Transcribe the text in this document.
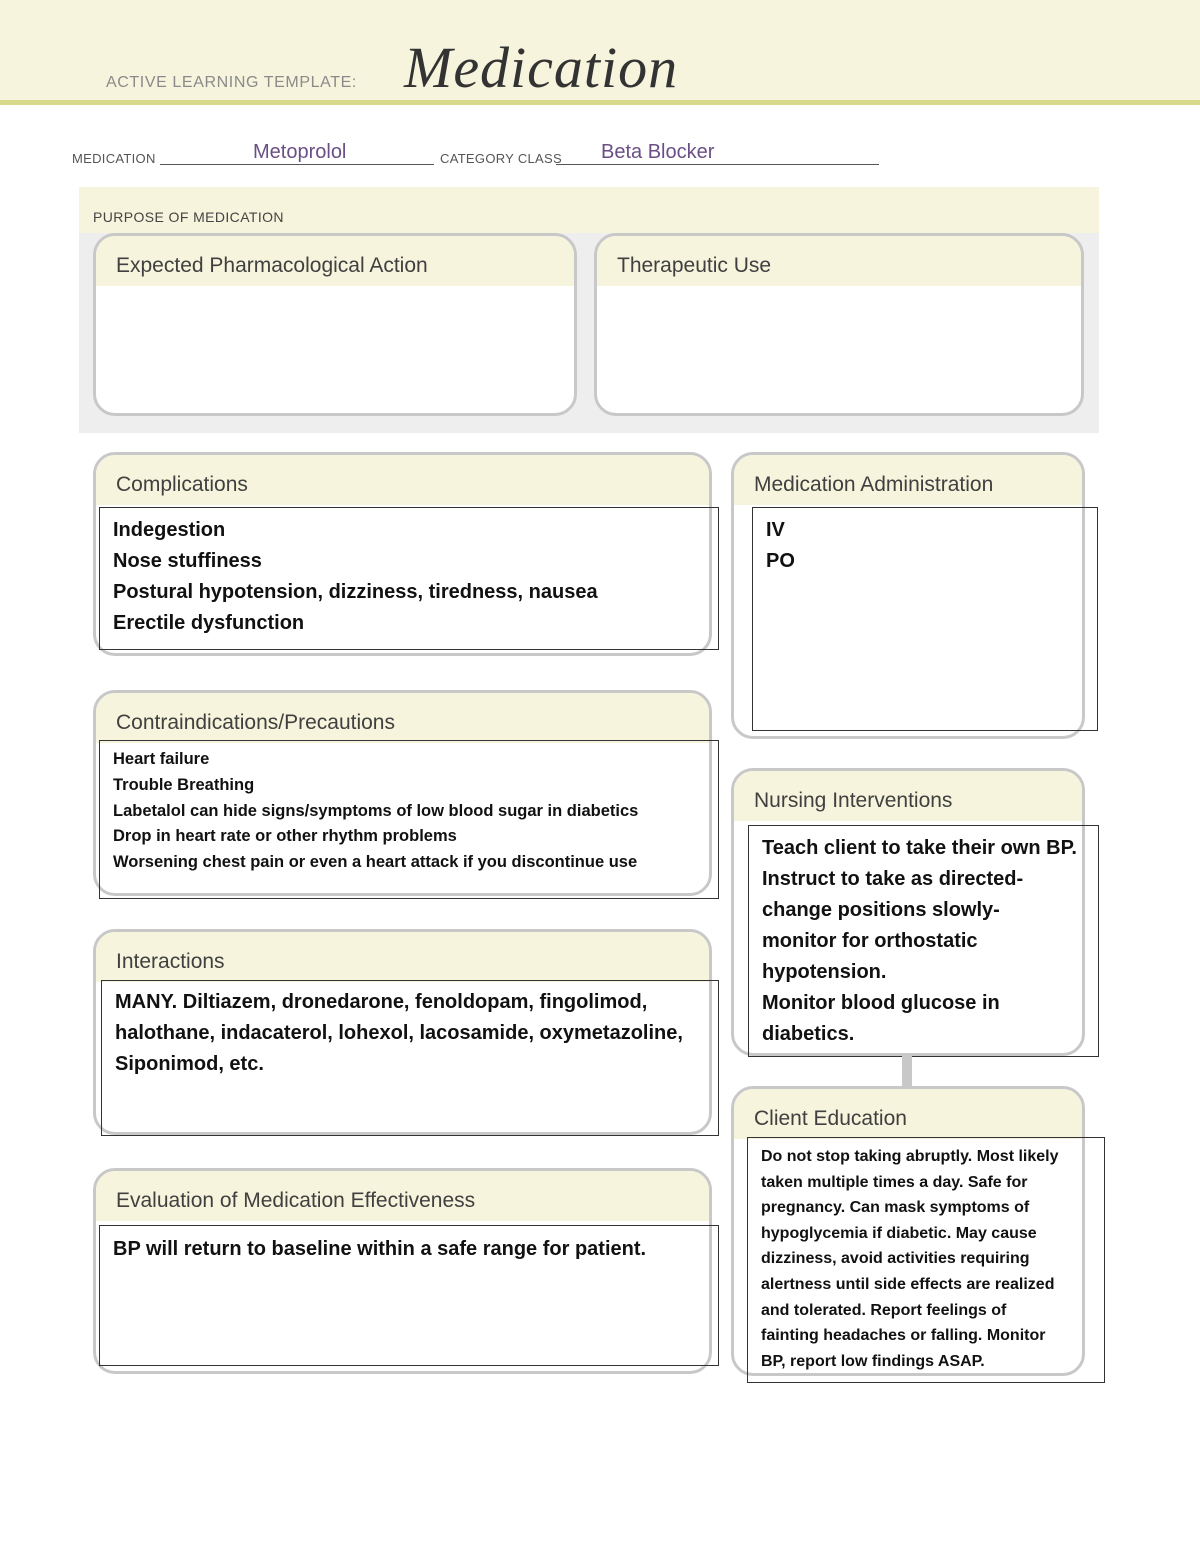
ACTIVE LEARNING TEMPLATE: Medication
MEDICATION	Metoprolol	CATEGORY CLASS	Beta Blocker
PURPOSE OF MEDICATION
Expected Pharmacological Action	Therapeutic Use
Complications
Indegestion
Nose stuffiness
Postural hypotension, dizziness, tiredness, nausea
Erectile dysfunction
Medication Administration
IV
PO
Contraindications/Precautions
Heart failure
Trouble Breathing
Labetalol can hide signs/symptoms of low blood sugar in diabetics
Drop in heart rate or other rhythm problems
Worsening chest pain or even a heart attack if you discontinue use
Nursing Interventions
Teach client to take their own BP.
Instruct to take as directed-
change positions slowly-
monitor for orthostatic
hypotension.
Monitor blood glucose in
diabetics.
Interactions
MANY. Diltiazem, dronedarone, fenoldopam, fingolimod,
halothane, indacaterol, lohexol, lacosamide, oxymetazoline,
Siponimod, etc.
Client Education
Do not stop taking abruptly. Most likely
taken multiple times a day. Safe for
pregnancy. Can mask symptoms of
hypoglycemia if diabetic. May cause
dizziness, avoid activities requiring
alertness until side effects are realized
and tolerated. Report feelings of
fainting headaches or falling. Monitor
BP, report low findings ASAP.
Evaluation of Medication Effectiveness
BP will return to baseline within a safe range for patient.
